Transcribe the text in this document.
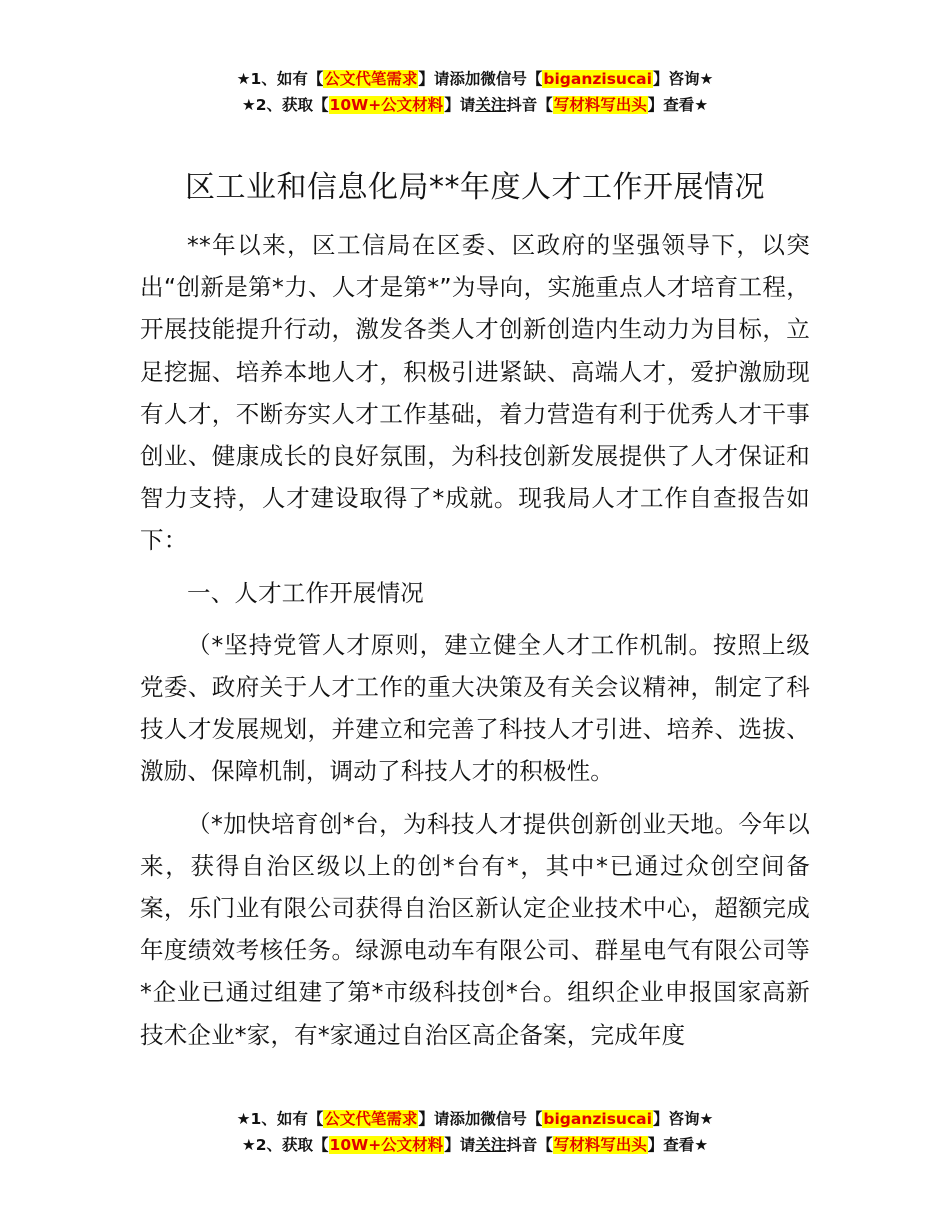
★1、如有【公文代笔需求】请添加微信号【biganzisucai】咨询★
★2、获取【10W+公文材料】请关注抖音【写材料写出头】查看★
区工业和信息化局**年度人才工作开展情况

**年以来，区工信局在区委、区政府的坚强领导下，以突出“创新是第*力、人才是第*”为导向，实施重点人才培育工程，开展技能提升行动，激发各类人才创新创造内生动力为目标，立足挖掘、培养本地人才，积极引进紧缺、高端人才，爱护激励现有人才，不断夯实人才工作基础，着力营造有利于优秀人才干事创业、健康成长的良好氛围，为科技创新发展提供了人才保证和智力支持，人才建设取得了*成就。现我局人才工作自查报告如下：

一、人才工作开展情况

（*坚持党管人才原则，建立健全人才工作机制。按照上级党委、政府关于人才工作的重大决策及有关会议精神，制定了科技人才发展规划，并建立和完善了科技人才引进、培养、选拔、激励、保障机制，调动了科技人才的积极性。

（*加快培育创*台，为科技人才提供创新创业天地。今年以来，获得自治区级以上的创*台有*，其中*已通过众创空间备案，乐门业有限公司获得自治区新认定企业技术中心，超额完成年度绩效考核任务。绿源电动车有限公司、群星电气有限公司等*企业已通过组建了第*市级科技创*台。组织企业申报国家高新技术企业*家，有*家通过自治区高企备案，完成年度

★1、如有【公文代笔需求】请添加微信号【biganzisucai】咨询★
★2、获取【10W+公文材料】请关注抖音【写材料写出头】查看★
